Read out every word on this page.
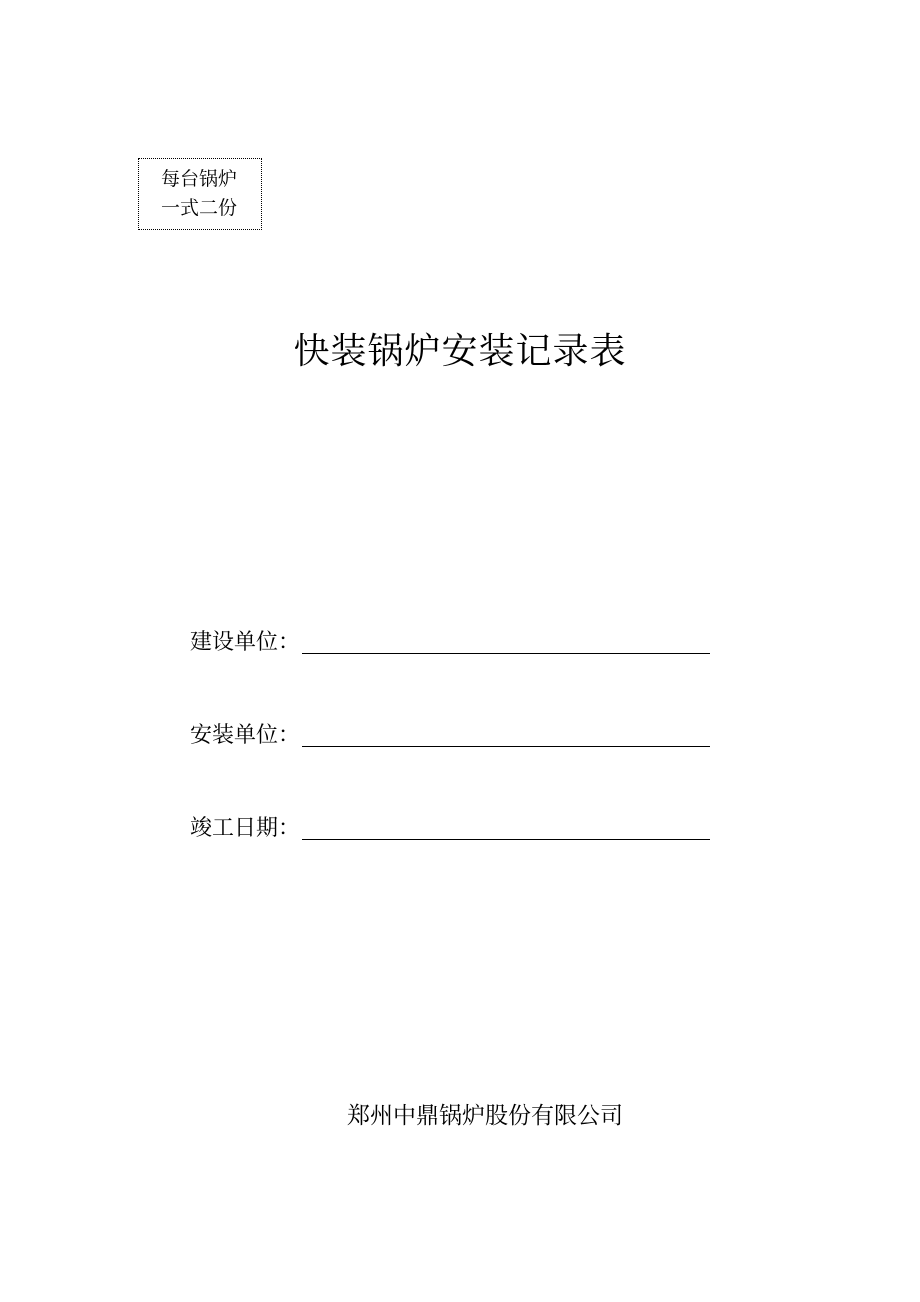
每台锅炉
一式二份
快装锅炉安装记录表
建设单位：
安装单位：
竣工日期：
郑州中鼎锅炉股份有限公司
